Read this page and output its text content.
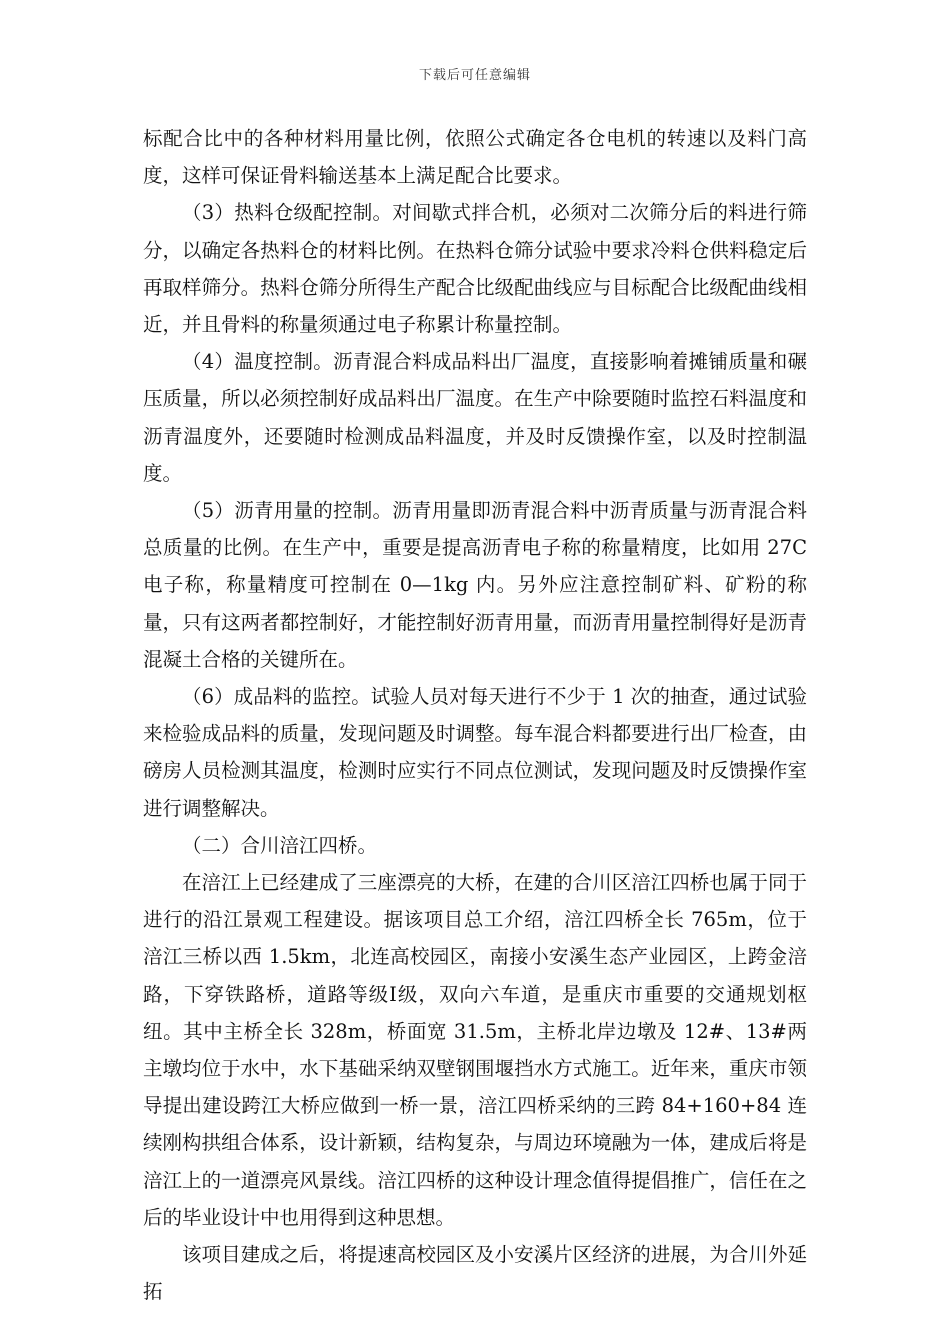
下载后可任意编辑

标配合比中的各种材料用量比例，依照公式确定各仓电机的转速以及料门高度，这样可保证骨料输送基本上满足配合比要求。

（3）热料仓级配控制。对间歇式拌合机，必须对二次筛分后的料进行筛分，以确定各热料仓的材料比例。在热料仓筛分试验中要求冷料仓供料稳定后再取样筛分。热料仓筛分所得生产配合比级配曲线应与目标配合比级配曲线相近，并且骨料的称量须通过电子称累计称量控制。

（4）温度控制。沥青混合料成品料出厂温度，直接影响着摊铺质量和碾压质量，所以必须控制好成品料出厂温度。在生产中除要随时监控石料温度和沥青温度外，还要随时检测成品料温度，并及时反馈操作室，以及时控制温度。

（5）沥青用量的控制。沥青用量即沥青混合料中沥青质量与沥青混合料总质量的比例。在生产中，重要是提高沥青电子称的称量精度，比如用 27C 电子称，称量精度可控制在 0—1kg 内。另外应注意控制矿料、矿粉的称量，只有这两者都控制好，才能控制好沥青用量，而沥青用量控制得好是沥青混凝土合格的关键所在。

（6）成品料的监控。试验人员对每天进行不少于 1 次的抽查，通过试验来检验成品料的质量，发现问题及时调整。每车混合料都要进行出厂检查，由磅房人员检测其温度，检测时应实行不同点位测试，发现问题及时反馈操作室进行调整解决。

（二）合川涪江四桥。

在涪江上已经建成了三座漂亮的大桥，在建的合川区涪江四桥也属于同于进行的沿江景观工程建设。据该项目总工介绍，涪江四桥全长 765m，位于涪江三桥以西 1.5km，北连高校园区，南接小安溪生态产业园区，上跨金涪路，下穿铁路桥，道路等级Ⅰ级，双向六车道，是重庆市重要的交通规划枢纽。其中主桥全长 328m，桥面宽 31.5m，主桥北岸边墩及 12#、13#两主墩均位于水中，水下基础采纳双壁钢围堰挡水方式施工。近年来，重庆市领导提出建设跨江大桥应做到一桥一景，涪江四桥采纳的三跨 84+160+84 连续刚构拱组合体系，设计新颖，结构复杂，与周边环境融为一体，建成后将是涪江上的一道漂亮风景线。涪江四桥的这种设计理念值得提倡推广，信任在之后的毕业设计中也用得到这种思想。

该项目建成之后，将提速高校园区及小安溪片区经济的进展，为合川外延拓
